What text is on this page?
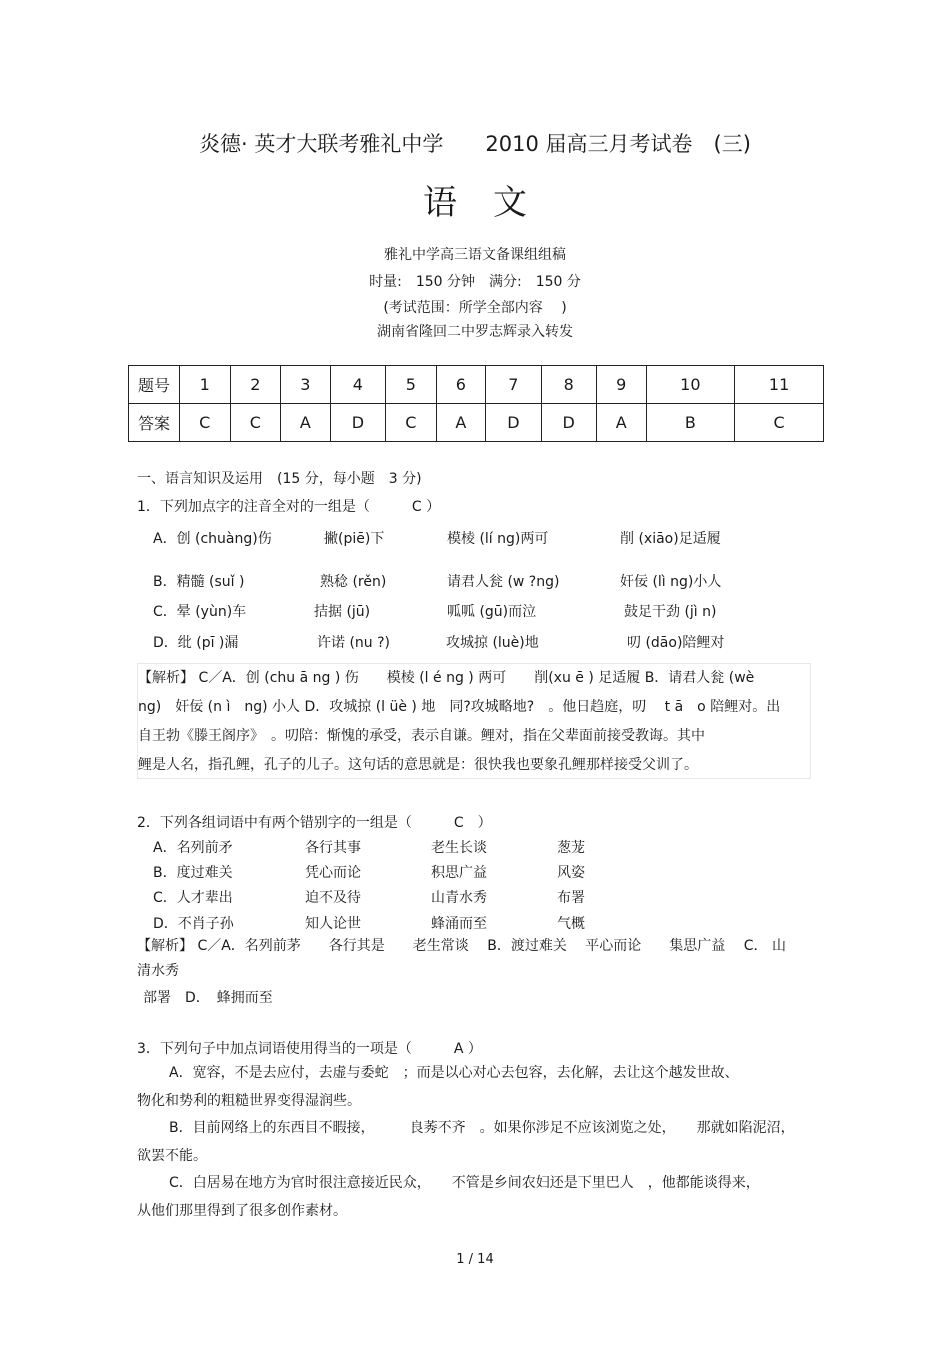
炎德· 英才大联考雅礼中学　　2010 届高三月考试卷　(三)
语文
雅礼中学高三语文备课组组稿
时量:　150 分钟　满分:　150 分
(考试范围：所学全部内容　 )
湖南省隆回二中罗志辉录入转发
题号	1	2	3	4	5	6	7	8	9	10	11
答案	C	C	A	D	C	A	D	D	A	B	C
一、语言知识及运用　(15 分，每小题　3 分)
1．下列加点字的注音全对的一组是（　　　C ）
A．创 (chuàng)伤	撇(piē)下	模棱 (lí ng)两可	削 (xiāo)足适履
B．精髓 (suǐ )	熟稔 (rěn)	请君人瓮 (w ?ng)	奸佞 (lì ng)小人
C．晕 (yùn)车	拮据 (jū)	呱呱 (gū)而泣	鼓足干劲 (jì n)
D．纰 (pī )漏	许诺 (nu ?)	攻城掠 (luè)地	叨 (dāo)陪鲤对
【解析】 C／A．创 (chu ā ng ) 伤　　模棱 (l é ng ) 两可　　削(xu ē ) 足适履 B．请君人瓮 (wè
ng)　奸佞 (n ì　ng) 小人 D．攻城掠 (l üè ) 地　同?攻城略地?　。他日趋庭，叨　 t ā　o 陪鲤对。出
自王勃《滕王阁序》　。叨陪：惭愧的承受，表示自谦。鲤对，指在父辈面前接受教诲。其中
鲤是人名，指孔鲤，孔子的儿子。这句话的意思就是：很快我也要象孔鲤那样接受父训了。
2．下列各组词语中有两个错别字的一组是（　　　C　）
A．名列前矛	各行其事	老生长谈	葱茏
B．度过难关	凭心而论	积思广益	风姿
C．人才辈出	迫不及待	山青水秀	布署
D．不肖子孙	知人论世	蜂涌而至	气概
【解析】 C／A．名列前茅　　各行其是　　老生常谈　 B．渡过难关　 平心而论　　集思广益　 C． 山
清水秀
部署　D．　蜂拥而至
3．下列句子中加点词语使用得当的一项是（　　　A ）
A．宽容，不是去应付，去虚与委蛇　；而是以心对心去包容，去化解，去让这个越发世故、
物化和势利的粗糙世界变得湿润些。
B．目前网络上的东西目不暇接，　　　良莠不齐　。如果你涉足不应该浏览之处，　　那就如陷泥沼，
欲罢不能。
C．白居易在地方为官时很注意接近民众，　　不管是乡间农妇还是下里巴人　，他都能谈得来，
从他们那里得到了很多创作素材。
1 / 14
